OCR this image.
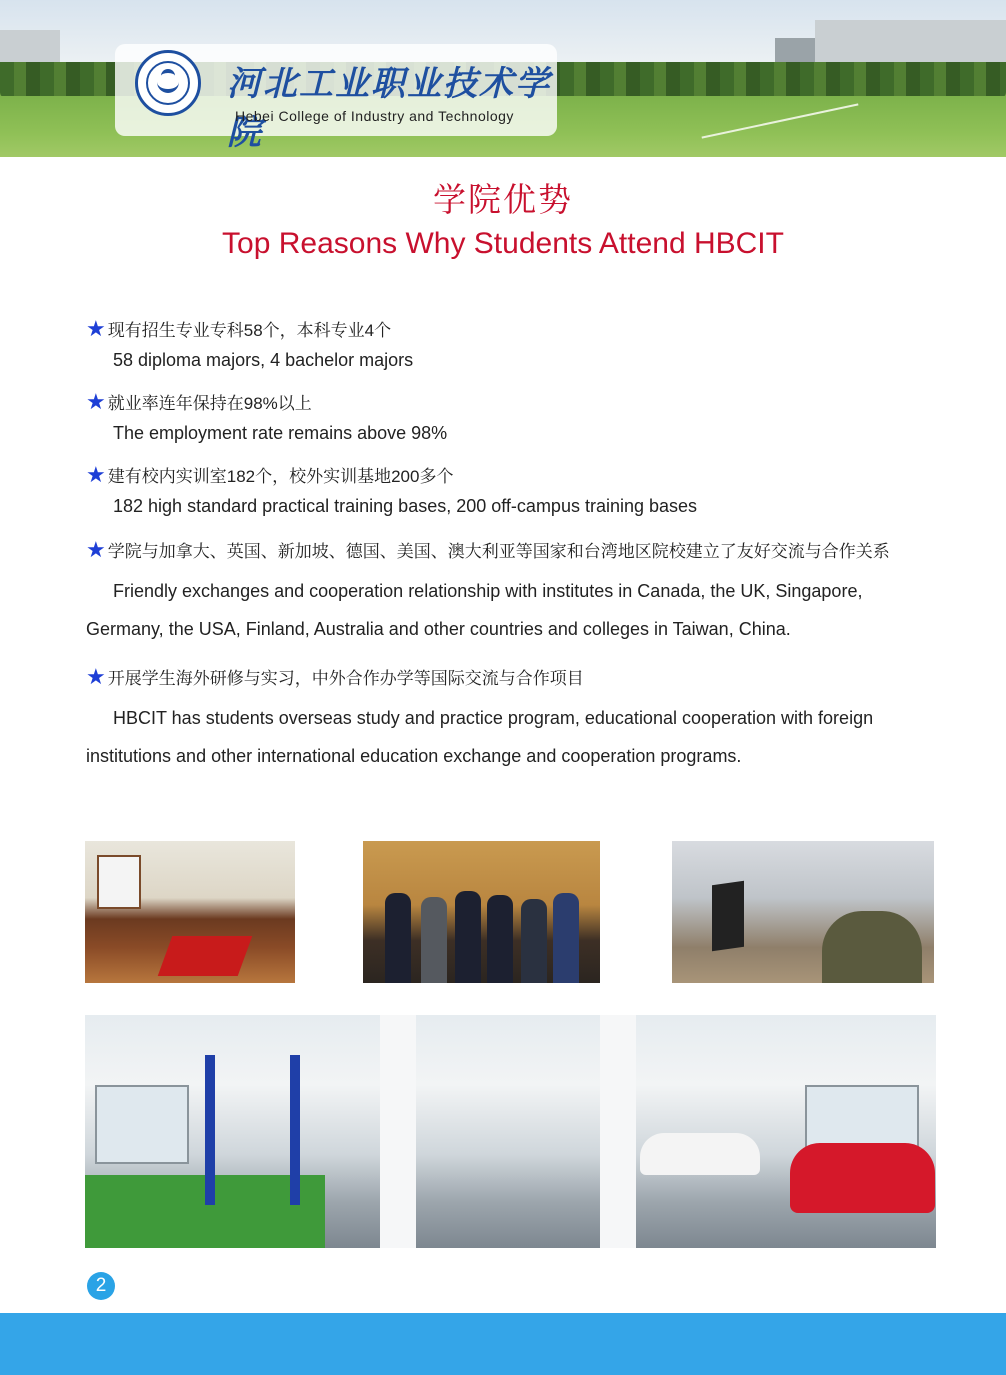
河北工业职业技术学院
Hebei College of Industry and Technology
学院优势
Top Reasons Why Students Attend HBCIT
★ 现有招生专业专科58个，本科专业4个
58 diploma majors, 4 bachelor majors
★ 就业率连年保持在98%以上
The employment rate remains above 98%
★ 建有校内实训室182个，校外实训基地200多个
182 high standard practical training bases, 200 off-campus training bases
★ 学院与加拿大、英国、新加坡、德国、美国、澳大利亚等国家和台湾地区院校建立了友好交流与合作关系
Friendly exchanges and cooperation relationship with institutes in Canada, the UK, Singapore, Germany, the USA, Finland, Australia and other countries and colleges in Taiwan, China.
★ 开展学生海外研修与实习，中外合作办学等国际交流与合作项目
HBCIT has students overseas study and practice program, educational cooperation with foreign institutions and other international education exchange and cooperation programs.
2
